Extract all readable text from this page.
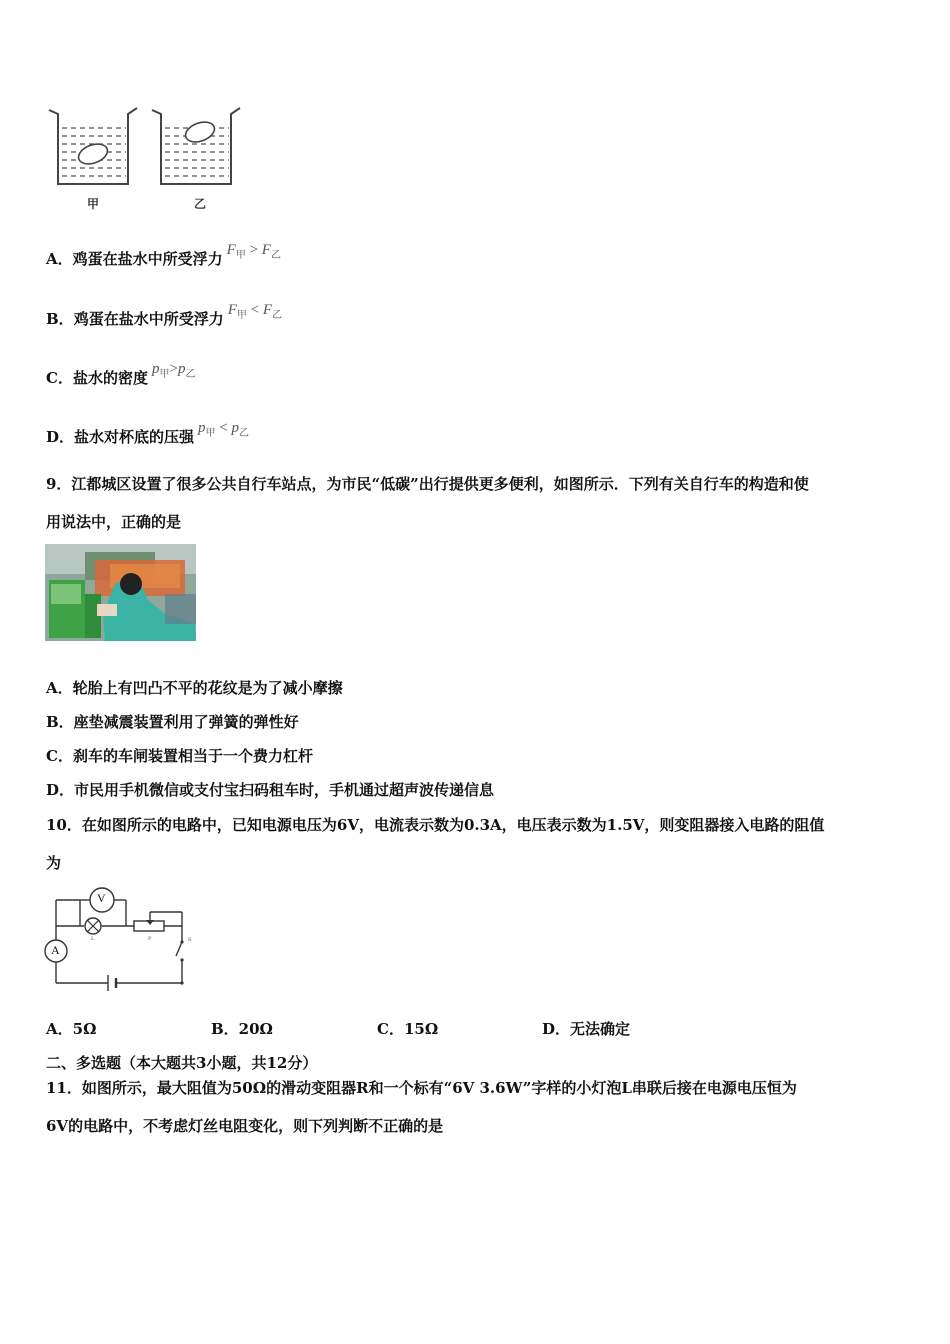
甲	乙
A．鸡蛋在盐水中所受浮力 $F_甲 > F_乙$
B．鸡蛋在盐水中所受浮力 $F_甲 < F_乙$
C．盐水的密度 $p_甲>p_乙$
D．盐水对杯底的压强 $p_甲 < p_乙$
9．江都城区设置了很多公共自行车站点，为市民“低碳”出行提供更多便利，如图所示．下列有关自行车的构造和使
用说法中，正确的是
A．轮胎上有凹凸不平的花纹是为了减小摩擦
B．座垫减震装置利用了弹簧的弹性好
C．刹车的车闸装置相当于一个费力杠杆
D．市民用手机微信或支付宝扫码租车时，手机通过超声波传递信息
10．在如图所示的电路中，已知电源电压为6V，电流表示数为0.3A，电压表示数为1.5V，则变阻器接入电路的阻值
为
V
A
L	P	S
A．5Ω	B．20Ω	C．15Ω	D．无法确定
二、多选题（本大题共3小题，共12分）
11．如图所示，最大阻值为50Ω的滑动变阻器R和一个标有“6V 3.6W”字样的小灯泡L串联后接在电源电压恒为
6V的电路中，不考虑灯丝电阻变化，则下列判断不正确的是
